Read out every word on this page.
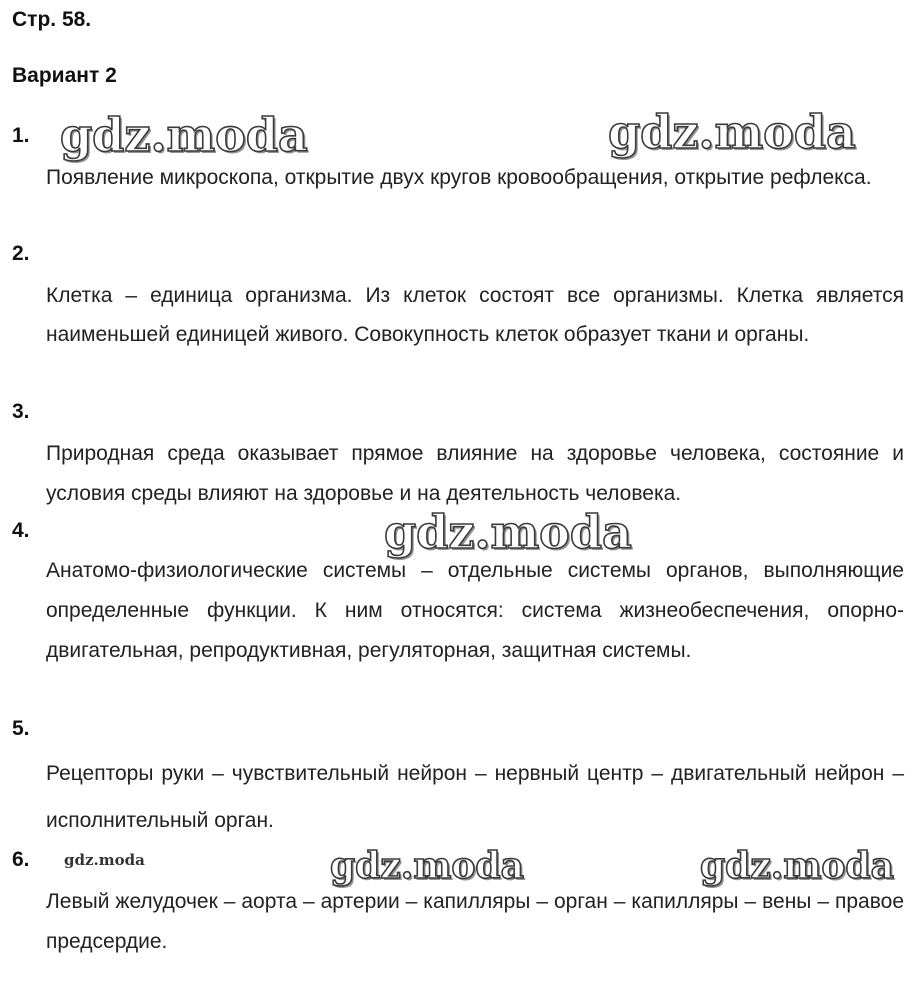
Стр. 58.
Вариант 2
gdz.moda	gdz.moda
gdz.moda
gdz.moda	gdz.moda
gdz.moda
1.
Появление микроскопа, открытие двух кругов кровообращения, открытие рефлекса.
2.
Клетка – единица организма. Из клеток состоят все организмы. Клетка является наименьшей единицей живого. Совокупность клеток образует ткани и органы.
3.
Природная среда оказывает прямое влияние на здоровье человека, состояние и условия среды влияют на здоровье и на деятельность человека.
4.
Анатомо-физиологические системы – отдельные системы органов, выполняющие определенные функции. К ним относятся: система жизнеобеспечения, опорно-двигательная, репродуктивная, регуляторная, защитная системы.
5.
Рецепторы руки – чувствительный нейрон – нервный центр – двигательный нейрон – исполнительный орган.
6.
Левый желудочек – аорта – артерии – капилляры – орган – капилляры – вены – правое предсердие.
